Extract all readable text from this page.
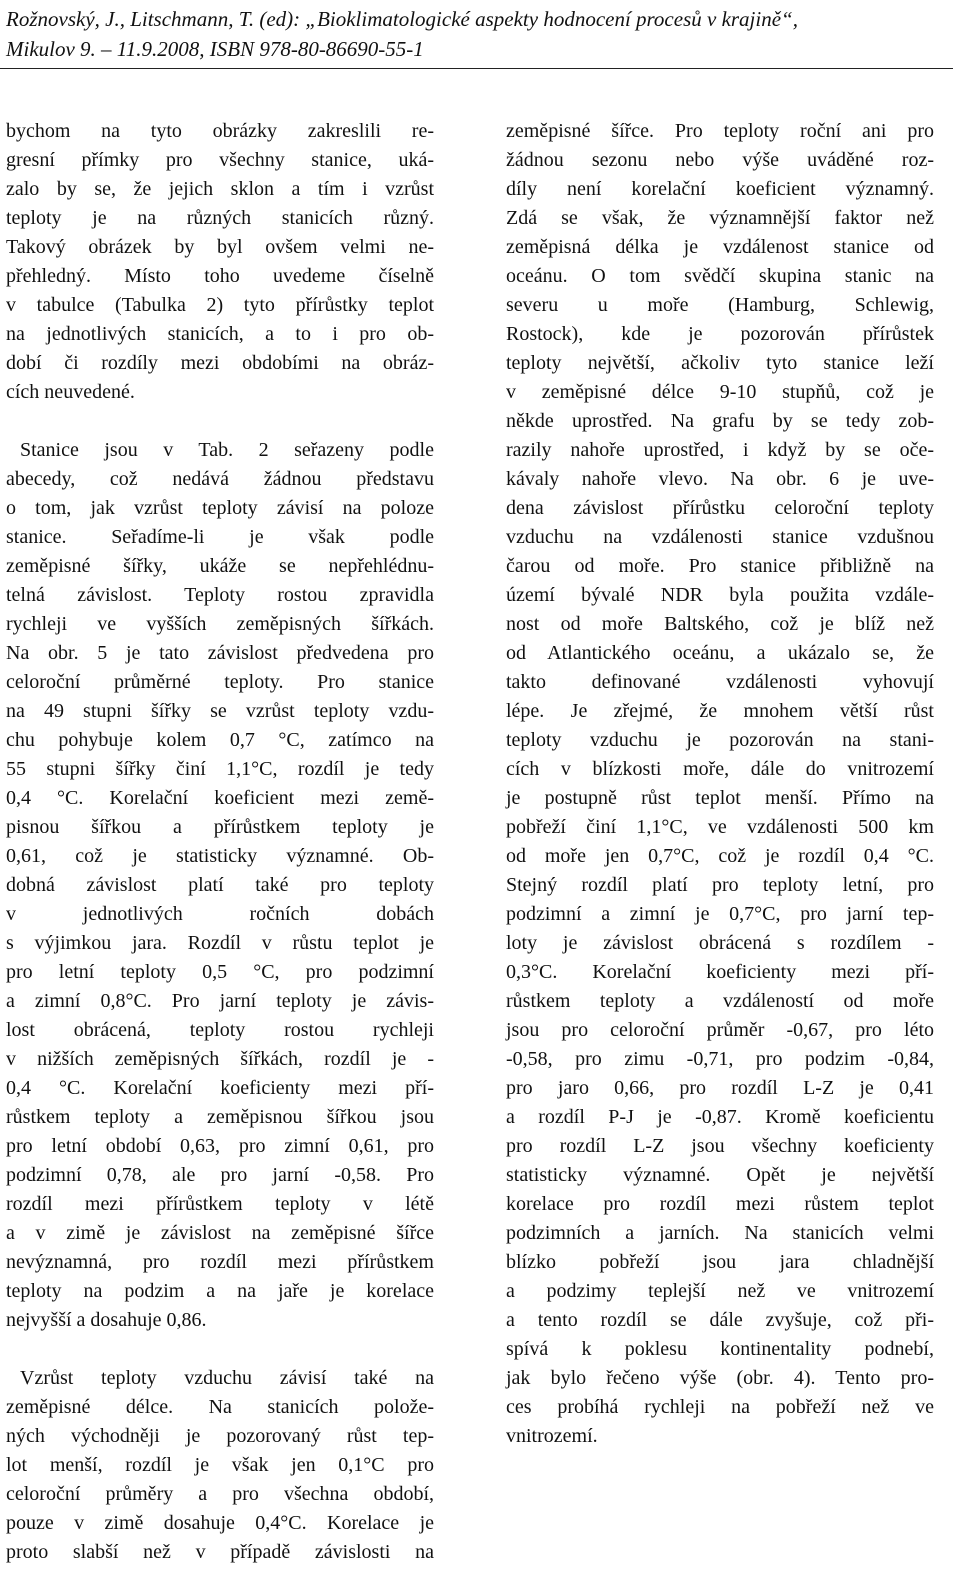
Rožnovský, J., Litschmann, T. (ed): „Bioklimatologické aspekty hodnocení procesů v krajině“,
Mikulov 9. – 11.9.2008, ISBN 978-80-86690-55-1
bychom na tyto obrázky zakreslili re-
gresní přímky pro všechny stanice, uká-
zalo by se, že jejich sklon a tím i vzrůst
teploty je na různých stanicích různý.
Takový obrázek by byl ovšem velmi ne-
přehledný. Místo toho uvedeme číselně
v tabulce (Tabulka 2) tyto přírůstky teplot
na jednotlivých stanicích, a to i pro ob-
dobí či rozdíly mezi obdobími na obráz-
cích neuvedené.
Stanice jsou v Tab. 2 seřazeny podle
abecedy, což nedává žádnou představu
o tom, jak vzrůst teploty závisí na poloze
stanice. Seřadíme-li je však podle
zeměpisné šířky, ukáže se nepřehlédnu-
telná závislost. Teploty rostou zpravidla
rychleji ve vyšších zeměpisných šířkách.
Na obr. 5 je tato závislost předvedena pro
celoroční průměrné teploty. Pro stanice
na 49 stupni šířky se vzrůst teploty vzdu-
chu pohybuje kolem 0,7 °C, zatímco na
55 stupni šířky činí 1,1°C, rozdíl je tedy
0,4 °C. Korelační koeficient mezi země-
pisnou šířkou a přírůstkem teploty je
0,61, což je statisticky významné. Ob-
dobná závislost platí také pro teploty
v jednotlivých ročních dobách
s výjimkou jara. Rozdíl v růstu teplot je
pro letní teploty 0,5 °C, pro podzimní
a zimní 0,8°C. Pro jarní teploty je závis-
lost obrácená, teploty rostou rychleji
v nižších zeměpisných šířkách, rozdíl je -
0,4 °C. Korelační koeficienty mezi pří-
růstkem teploty a zeměpisnou šířkou jsou
pro letní období 0,63, pro zimní 0,61, pro
podzimní 0,78, ale pro jarní -0,58. Pro
rozdíl mezi přírůstkem teploty v létě
a v zimě je závislost na zeměpisné šířce
nevýznamná, pro rozdíl mezi přírůstkem
teploty na podzim a na jaře je korelace
nejvyšší a dosahuje 0,86.
Vzrůst teploty vzduchu závisí také na
zeměpisné délce. Na stanicích polože-
ných východněji je pozorovaný růst tep-
lot menší, rozdíl je však jen 0,1°C pro
celoroční průměry a pro všechna období,
pouze v zimě dosahuje 0,4°C. Korelace je
proto slabší než v případě závislosti na
zeměpisné šířce. Pro teploty roční ani pro
žádnou sezonu nebo výše uváděné roz-
díly není korelační koeficient významný.
Zdá se však, že významnější faktor než
zeměpisná délka je vzdálenost stanice od
oceánu. O tom svědčí skupina stanic na
severu u moře (Hamburg, Schlewig,
Rostock), kde je pozorován přírůstek
teploty největší, ačkoliv tyto stanice leží
v zeměpisné délce 9-10 stupňů, což je
někde uprostřed. Na grafu by se tedy zob-
razily nahoře uprostřed, i když by se oče-
kávaly nahoře vlevo. Na obr. 6 je uve-
dena závislost přírůstku celoroční teploty
vzduchu na vzdálenosti stanice vzdušnou
čarou od moře. Pro stanice přibližně na
území bývalé NDR byla použita vzdále-
nost od moře Baltského, což je blíž než
od Atlantického oceánu, a ukázalo se, že
takto definované vzdálenosti vyhovují
lépe. Je zřejmé, že mnohem větší růst
teploty vzduchu je pozorován na stani-
cích v blízkosti moře, dále do vnitrozemí
je postupně růst teplot menší. Přímo na
pobřeží činí 1,1°C, ve vzdálenosti 500 km
od moře jen 0,7°C, což je rozdíl 0,4 °C.
Stejný rozdíl platí pro teploty letní, pro
podzimní a zimní je 0,7°C, pro jarní tep-
loty je závislost obrácená s rozdílem -
0,3°C. Korelační koeficienty mezi pří-
růstkem teploty a vzdáleností od moře
jsou pro celoroční průměr -0,67, pro léto
-0,58, pro zimu -0,71, pro podzim -0,84,
pro jaro 0,66, pro rozdíl L-Z je 0,41
a rozdíl P-J je -0,87. Kromě koeficientu
pro rozdíl L-Z jsou všechny koeficienty
statisticky významné. Opět je největší
korelace pro rozdíl mezi růstem teplot
podzimních a jarních. Na stanicích velmi
blízko pobřeží jsou jara chladnější
a podzimy teplejší než ve vnitrozemí
a tento rozdíl se dále zvyšuje, což při-
spívá k poklesu kontinentality podnebí,
jak bylo řečeno výše (obr. 4). Tento pro-
ces probíhá rychleji na pobřeží než ve
vnitrozemí.
